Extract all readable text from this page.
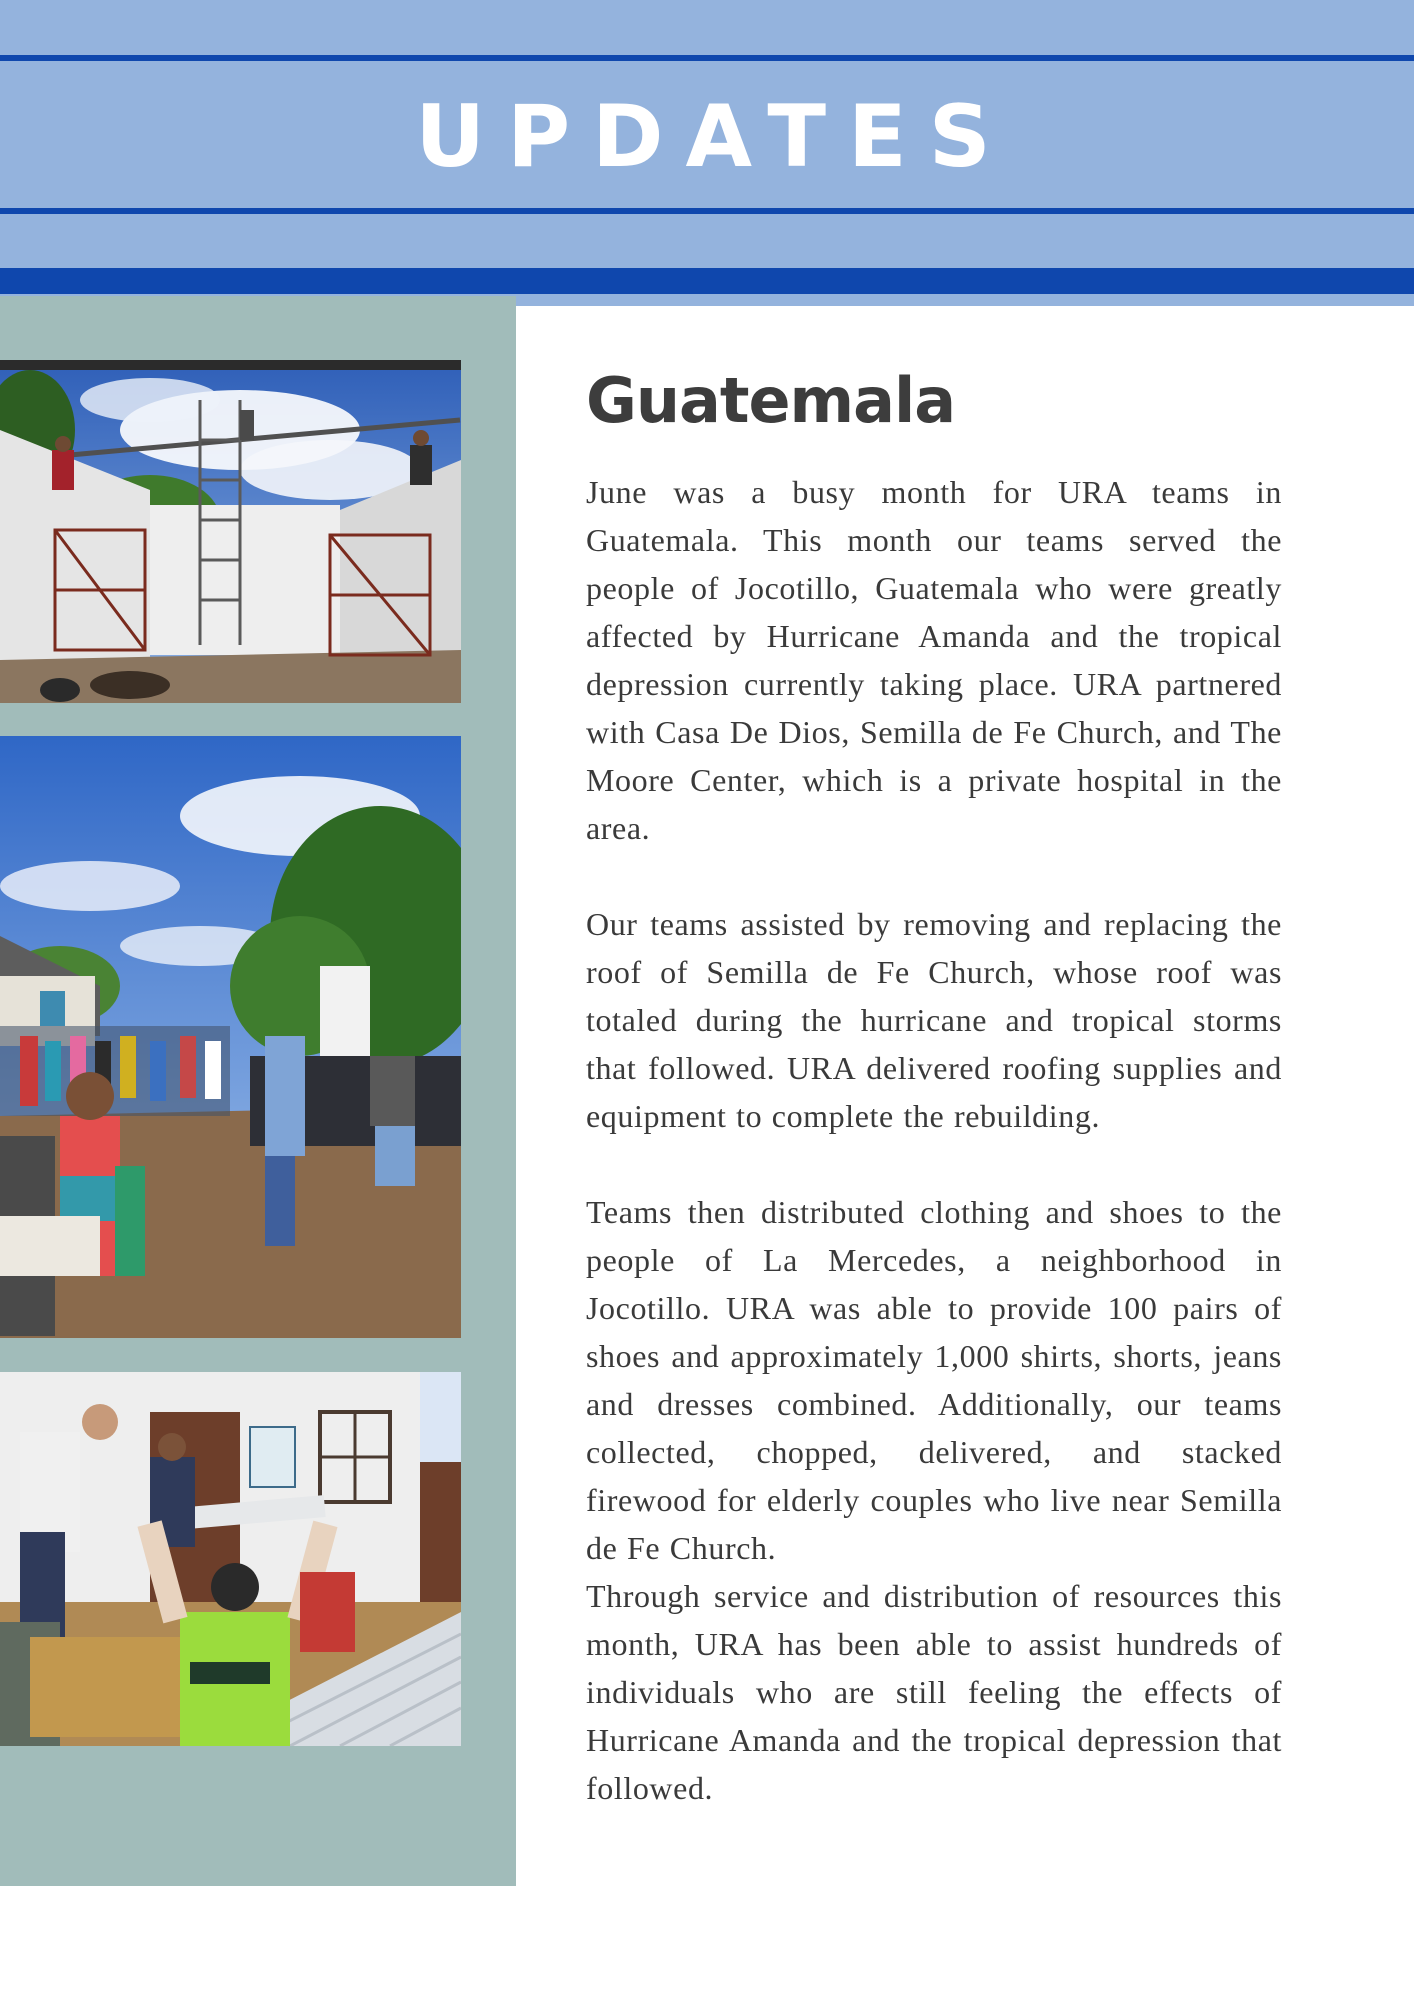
UPDATES
Guatemala

June was a busy month for URA teams in Guatemala. This month our teams served the people of Jocotillo, Guatemala who were greatly affected by Hurricane Amanda and the tropical depression currently taking place. URA partnered with Casa De Dios, Semilla de Fe Church, and The Moore Center, which is a private hospital in the area.

Our teams assisted by removing and replacing the roof of Semilla de Fe Church, whose roof was totaled during the hurricane and tropical storms that followed. URA delivered roofing supplies and equipment to complete the rebuilding.

Teams then distributed clothing and shoes to the people of La Mercedes, a neighborhood in Jocotillo. URA was able to provide 100 pairs of shoes and approximately 1,000 shirts, shorts, jeans and dresses combined. Additionally, our teams collected, chopped, delivered, and stacked firewood for elderly couples who live near Semilla de Fe Church.

Through service and distribution of resources this month, URA has been able to assist hundreds of individuals who are still feeling the effects of Hurricane Amanda and the tropical depression that followed.
